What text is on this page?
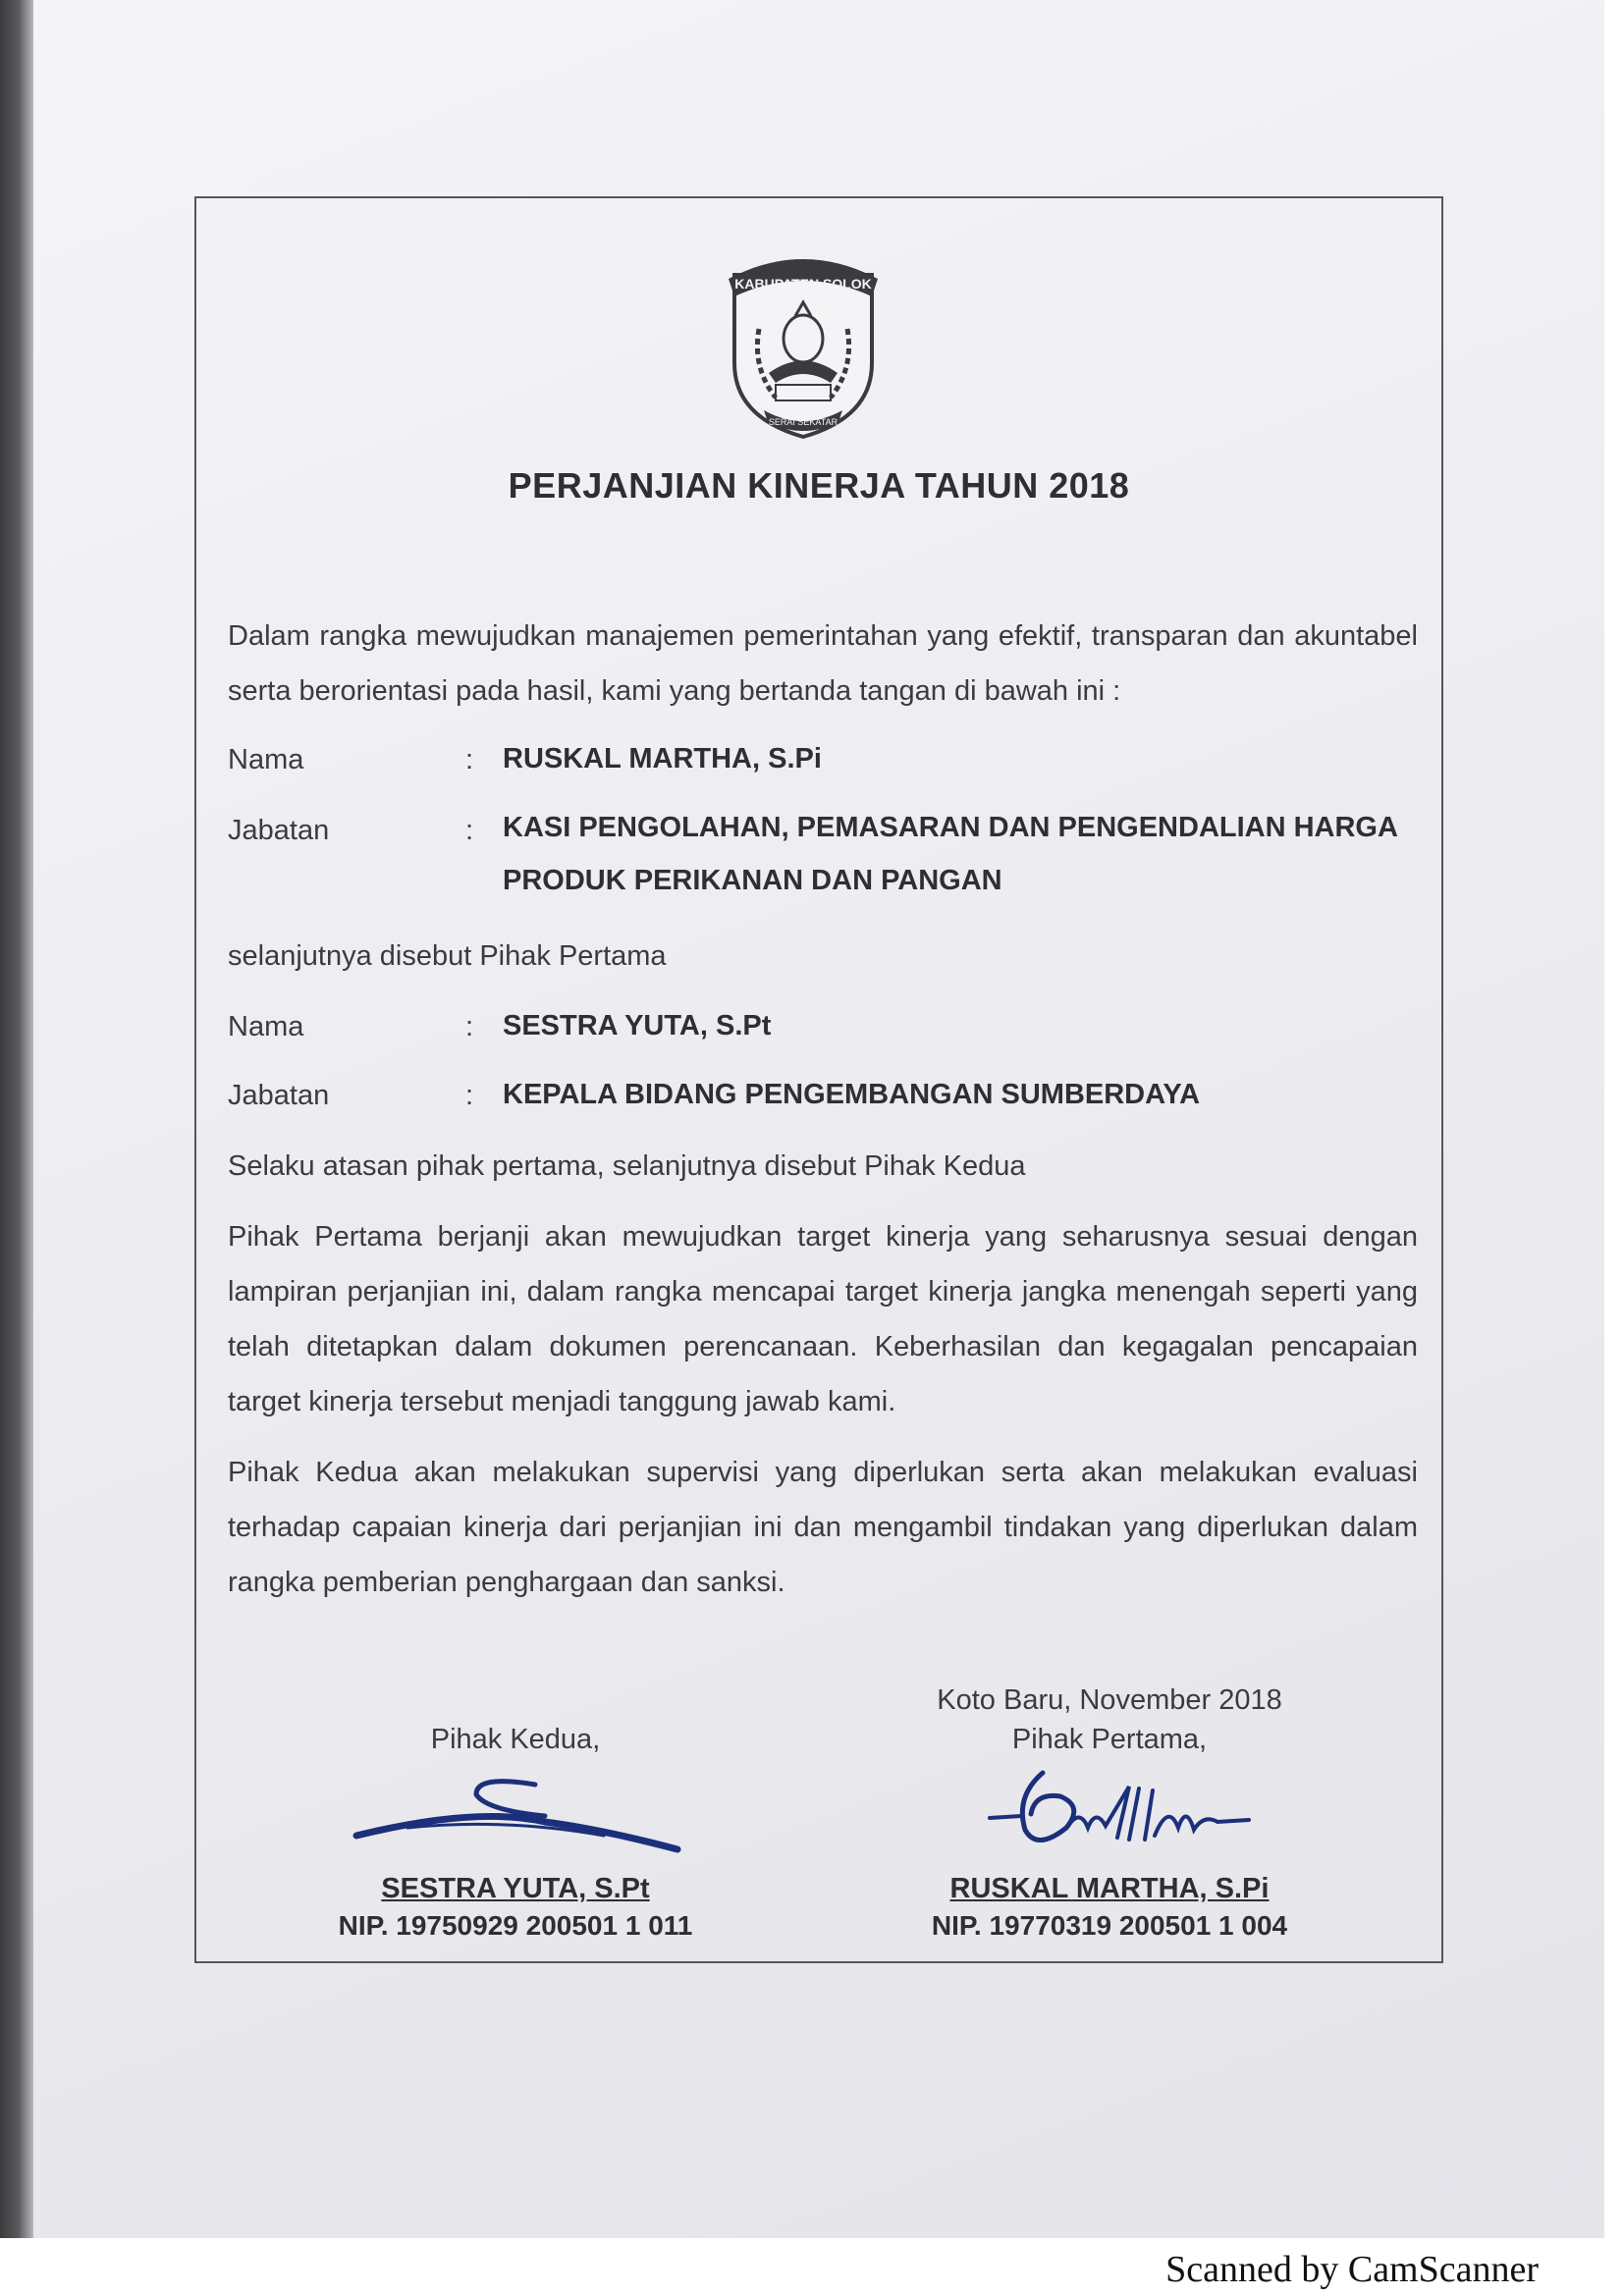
KABUPATEN SOLOK
SERAI SEKATAR
PERJANJIAN KINERJA TAHUN 2018
Dalam rangka mewujudkan manajemen pemerintahan yang efektif, transparan dan akuntabel serta berorientasi pada hasil, kami yang bertanda tangan di bawah ini :
Nama	: RUSKAL MARTHA, S.Pi
Jabatan	: KASI PENGOLAHAN, PEMASARAN DAN PENGENDALIAN HARGA PRODUK PERIKANAN DAN PANGAN
selanjutnya disebut Pihak Pertama
Nama	: SESTRA YUTA, S.Pt
Jabatan	: KEPALA BIDANG PENGEMBANGAN SUMBERDAYA
Selaku atasan pihak pertama, selanjutnya disebut Pihak Kedua
Pihak Pertama berjanji akan mewujudkan target kinerja yang seharusnya sesuai dengan lampiran perjanjian ini, dalam rangka mencapai target kinerja jangka menengah seperti yang telah ditetapkan dalam dokumen perencanaan. Keberhasilan dan kegagalan pencapaian target kinerja tersebut menjadi tanggung jawab kami.
Pihak Kedua akan melakukan supervisi yang diperlukan serta akan melakukan evaluasi terhadap capaian kinerja dari perjanjian ini dan mengambil tindakan yang diperlukan dalam rangka pemberian penghargaan dan sanksi.
Koto Baru, November 2018
Pihak Kedua,	Pihak Pertama,
SESTRA YUTA, S.Pt
NIP. 19750929 200501 1 011
RUSKAL MARTHA, S.Pi
NIP. 19770319 200501 1 004
Scanned by CamScanner
